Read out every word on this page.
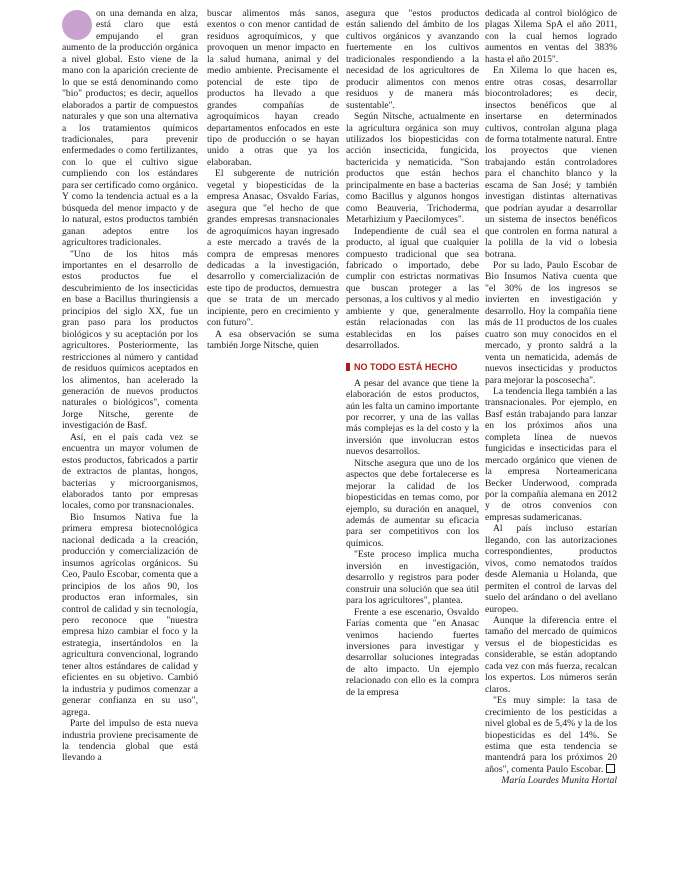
on una demanda en alza, está claro que está empujando el gran aumento de la producción orgánica a nivel global. Esto viene de la mano con la aparición creciente de lo que se está denominando como "bio" productos; es decir, aquellos elaborados a partir de compuestos naturales y que son una alternativa a los tratamientos químicos tradicionales, para prevenir enfermedades o como fertilizantes, con lo que el cultivo sigue cumpliendo con los estándares para ser certificado como orgánico. Y como la tendencia actual es a la búsqueda del menor impacto y de lo natural, estos productos también ganan adeptos entre los agricultores tradicionales.

"Uno de los hitos más importantes en el desarrollo de estos productos fue el descubrimiento de los insecticidas en base a Bacillus thuringiensis a principios del siglo XX, fue un gran paso para los productos biológicos y su aceptación por los agricultores. Posteriormente, las restricciones al número y cantidad de residuos químicos aceptados en los alimentos, han acelerado la generación de nuevos productos naturales o biológicos", comenta Jorge Nitsche, gerente de investigación de Basf.

Así, en el país cada vez se encuentra un mayor volumen de estos productos, fabricados a partir de extractos de plantas, hongos, bacterias y microorganismos, elaborados tanto por empresas locales, como por transnacionales.

Bio Insumos Nativa fue la primera empresa biotecnológica nacional dedicada a la creación, producción y comercialización de insumos agrícolas orgánicos. Su Ceo, Paulo Escobar, comenta que a principios de los años 90, los productos eran informales, sin control de calidad y sin tecnología, pero reconoce que "nuestra empresa hizo cambiar el foco y la estrategia, insertándolos en la agricultura convencional, logrando tener altos estándares de calidad y eficientes en su objetivo. Cambió la industria y pudimos comenzar a generar confianza en su uso", agrega.

Parte del impulso de esta nueva industria proviene precisamente de la tendencia global que está llevando a

buscar alimentos más sanos, exentos o con menor cantidad de residuos agroquímicos, y que provoquen un menor impacto en la salud humana, animal y del medio ambiente. Precisamente el potencial de este tipo de productos ha llevado a que grandes compañías de agroquímicos hayan creado departamentos enfocados en este tipo de producción o se hayan unido a otras que ya los elaboraban.

El subgerente de nutrición vegetal y biopesticidas de la empresa Anasac, Osvaldo Farías, asegura que "el hecho de que grandes empresas transnacionales de agroquímicos hayan ingresado a este mercado a través de la compra de empresas menores dedicadas a la investigación, desarrollo y comercialización de este tipo de productos, demuestra que se trata de un mercado incipiente, pero en crecimiento y con futuro".

A esa observación se suma también Jorge Nitsche, quien

asegura que "estos productos están saliendo del ámbito de los cultivos orgánicos y avanzando fuertemente en los cultivos tradicionales respondiendo a la necesidad de los agricultores de producir alimentos con menos residuos y de manera más sustentable".

Según Nitsche, actualmente en la agricultura orgánica son muy utilizados los biopesticidas con acción insecticida, fungicida, bactericida y nematicida. "Son productos que están hechos principalmente en base a bacterias como Bacillus y algunos hongos como Beauveria, Trichoderma, Metarhizium y Paecilomyces".

Independiente de cuál sea el producto, al igual que cualquier compuesto tradicional que sea fabricado o importado, debe cumplir con estrictas normativas que buscan proteger a las personas, a los cultivos y al medio ambiente y que, generalmente están relacionadas con las establecidas en los países desarrollados.

NO TODO ESTÁ HECHO

A pesar del avance que tiene la elaboración de estos productos, aún les falta un camino importante por recorrer, y una de las vallas más complejas es la del costo y la inversión que involucran estos nuevos desarrollos.

Nitsche asegura que uno de los aspectos que debe fortalecerse es mejorar la calidad de los biopesticidas en temas como, por ejemplo, su duración en anaquel, además de aumentar su eficacia para ser competitivos con los químicos.

"Este proceso implica mucha inversión en investigación, desarrollo y registros para poder construir una solución que sea útil para los agricultores", plantea.

Frente a ese escenario, Osvaldo Farías comenta que "en Anasac venimos haciendo fuertes inversiones para investigar y desarrollar soluciones integradas de alto impacto. Un ejemplo relacionado con ello es la compra de la empresa

dedicada al control biológico de plagas Xilema SpA el año 2011, con la cual hemos logrado aumentos en ventas del 383% hasta el año 2015".

En Xilema lo que hacen es, entre otras cosas, desarrollar biocontroladores; es decir, insectos benéficos que al insertarse en determinados cultivos, controlan alguna plaga de forma totalmente natural. Entre los proyectos que vienen trabajando están controladores para el chanchito blanco y la escama de San José; y también investigan distintas alternativas que podrían ayudar a desarrollar un sistema de insectos benéficos que controlen en forma natural a la polilla de la vid o lobesia botrana.

Por su lado, Paulo Escobar de Bio Insumos Nativa cuenta que "el 30% de los ingresos se invierten en investigación y desarrollo. Hoy la compañía tiene más de 11 productos de los cuales cuatro son muy conocidos en el mercado, y pronto saldrá a la venta un nematicida, además de nuevos insecticidas y productos para mejorar la poscosecha".

La tendencia llega también a las transnacionales. Por ejemplo, en Basf están trabajando para lanzar en los próximos años una completa línea de nuevos fungicidas e insecticidas para el mercado orgánico que vienen de la empresa Norteamericana Becker Underwood, comprada por la compañía alemana en 2012 y de otros convenios con empresas sudamericanas.

Al país incluso estarían llegando, con las autorizaciones correspondientes, productos vivos, como nematodos traídos desde Alemania u Holanda, que permiten el control de larvas del suelo del arándano o del avellano europeo.

Aunque la diferencia entre el tamaño del mercado de químicos versus el de biopesticidas es considerable, se están adoptando cada vez con más fuerza, recalcan los expertos. Los números serán claros.

"Es muy simple: la tasa de crecimiento de los pesticidas a nivel global es de 5,4% y la de los biopesticidas es del 14%. Se estima que esta tendencia se mantendrá para los próximos 20 años", comenta Paulo Escobar.

María Lourdes Munita Hortal
